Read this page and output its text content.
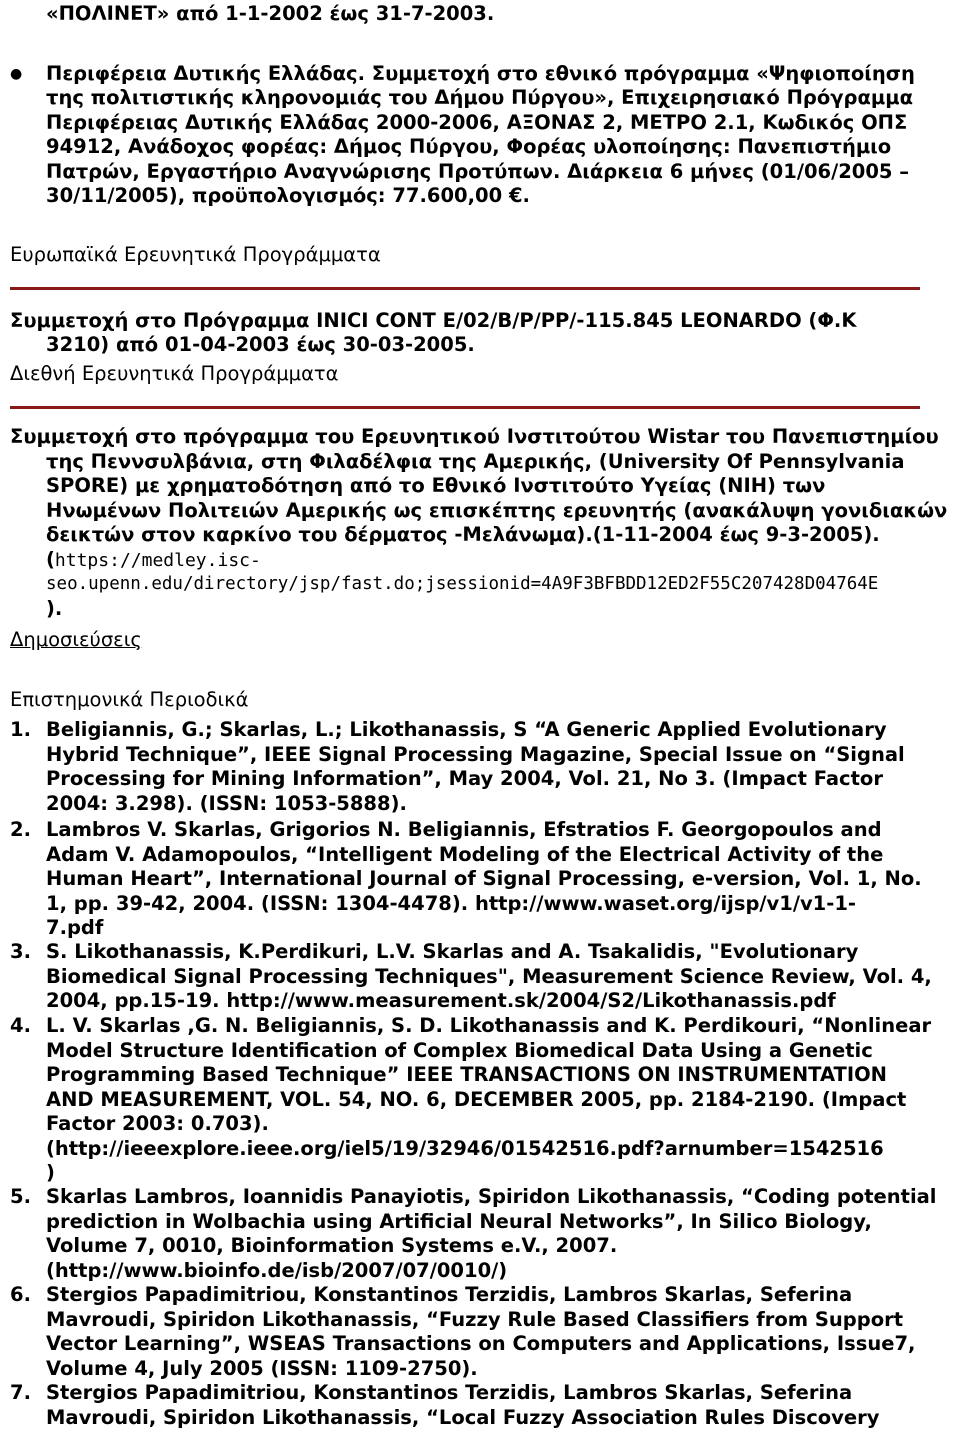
«ΠΟΛΙΝΕΤ» από 1-1-2002 έως 31-7-2003.
● Περιφέρεια Δυτικής Ελλάδας. Συμμετοχή στο εθνικό πρόγραμμα «Ψηφιοποίηση
της πολιτιστικής κληρονομιάς του Δήμου Πύργου», Επιχειρησιακό Πρόγραμμα
Περιφέρειας Δυτικής Ελλάδας 2000-2006, ΑΞΟΝΑΣ 2, ΜΕΤΡΟ 2.1, Κωδικός ΟΠΣ
94912, Ανάδοχος φορέας: Δήμος Πύργου, Φορέας υλοποίησης: Πανεπιστήμιο
Πατρών, Εργαστήριο Αναγνώρισης Προτύπων. Διάρκεια 6 μήνες (01/06/2005 –
30/11/2005), προϋπολογισμός: 77.600,00 €.
Ευρωπαϊκά Ερευνητικά Προγράμματα
Συμμετοχή στο Πρόγραμμα INICI CONT E/02/B/P/PP/-115.845 LEONARDO (Φ.Κ
3210) από 01-04-2003 έως 30-03-2005.
Διεθνή Ερευνητικά Προγράμματα
Συμμετοχή στο πρόγραμμα του Ερευνητικού Ινστιτούτου Wistar του Πανεπιστημίου
της Πεννσυλβάνια, στη Φιλαδέλφια της Αμερικής, (University Of Pennsylvania
SPORE) με χρηματοδότηση από το Εθνικό Ινστιτούτο Υγείας (NIH) των
Ηνωμένων Πολιτειών Αμερικής ως επισκέπτης ερευνητής (ανακάλυψη γονιδιακών
δεικτών στον καρκίνο του δέρματος -Μελάνωμα).(1-11-2004 έως 9-3-2005).
(https://medley.isc-
seo.upenn.edu/directory/jsp/fast.do;jsessionid=4A9F3BFBDD12ED2F55C207428D04764E
).
Δημοσιεύσεις
Επιστημονικά Περιοδικά
1. Beligiannis, G.; Skarlas, L.; Likothanassis, S “A Generic Applied Evolutionary
Hybrid Technique”, IEEE Signal Processing Magazine, Special Issue on “Signal
Processing for Mining Information”, May 2004, Vol. 21, No 3. (Impact Factor
2004: 3.298). (ISSN: 1053-5888).
2. Lambros V. Skarlas, Grigorios N. Beligiannis, Efstratios F. Georgopoulos and
Adam V. Adamopoulos, “Intelligent Modeling of the Electrical Activity of the
Human Heart”, International Journal of Signal Processing, e-version, Vol. 1, No.
1, pp. 39-42, 2004. (ISSN: 1304-4478). http://www.waset.org/ijsp/v1/v1-1-
7.pdf
3. S. Likothanassis, K.Perdikuri, L.V. Skarlas and A. Tsakalidis, "Evolutionary
Biomedical Signal Processing Techniques", Measurement Science Review, Vol. 4,
2004, pp.15-19. http://www.measurement.sk/2004/S2/Likothanassis.pdf
4. L. V. Skarlas ,G. N. Beligiannis, S. D. Likothanassis and K. Perdikouri, “Nonlinear
Model Structure Identification of Complex Biomedical Data Using a Genetic
Programming Based Technique” IEEE TRANSACTIONS ON INSTRUMENTATION
AND MEASUREMENT, VOL. 54, NO. 6, DECEMBER 2005, pp. 2184-2190. (Impact
Factor 2003: 0.703).
(http://ieeexplore.ieee.org/iel5/19/32946/01542516.pdf?arnumber=1542516
)
5. Skarlas Lambros, Ioannidis Panayiotis, Spiridon Likothanassis, “Coding potential
prediction in Wolbachia using Artificial Neural Networks”, In Silico Biology,
Volume 7, 0010, Bioinformation Systems e.V., 2007.
(http://www.bioinfo.de/isb/2007/07/0010/)
6. Stergios Papadimitriou, Konstantinos Terzidis, Lambros Skarlas, Seferina
Mavroudi, Spiridon Likothanassis, “Fuzzy Rule Based Classifiers from Support
Vector Learning”, WSEAS Transactions on Computers and Applications, Issue7,
Volume 4, July 2005 (ISSN: 1109-2750).
7. Stergios Papadimitriou, Konstantinos Terzidis, Lambros Skarlas, Seferina
Mavroudi, Spiridon Likothanassis, “Local Fuzzy Association Rules Discovery
